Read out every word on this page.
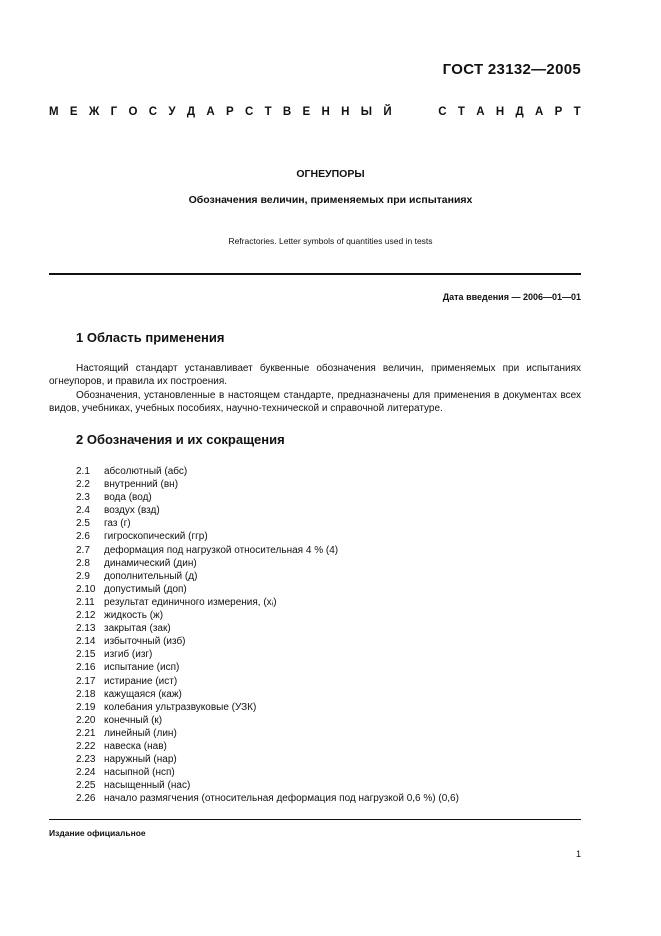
ГОСТ 23132—2005
М Е Ж Г О С У Д А Р С Т В Е Н Н Ы Й	С Т А Н Д А Р Т
ОГНЕУПОРЫ
Обозначения величин, применяемых при испытаниях
Refractories. Letter symbols of quantities used in tests
Дата введения — 2006—01—01
1 Область применения

Настоящий стандарт устанавливает буквенные обозначения величин, применяемых при испытаниях огнеупоров, и правила их построения.

Обозначения, установленные в настоящем стандарте, предназначены для применения в документах всех видов, учебниках, учебных пособиях, научно-технической и справочной литературе.

2 Обозначения и их сокращения
2.1 абсолютный (абс)
2.2 внутренний (вн)
2.3 вода (вод)
2.4 воздух (взд)
2.5 газ (г)
2.6 гигроскопический (ггр)
2.7 деформация под нагрузкой относительная 4 % (4)
2.8 динамический (дин)
2.9 дополнительный (д)
2.10 допустимый (доп)
2.11 результат единичного измерения, (xᵢ)
2.12 жидкость (ж)
2.13 закрытая (зак)
2.14 избыточный (изб)
2.15 изгиб (изг)
2.16 испытание (исп)
2.17 истирание (ист)
2.18 кажущаяся (каж)
2.19 колебания ультразвуковые (УЗК)
2.20 конечный (к)
2.21 линейный (лин)
2.22 навеска (нав)
2.23 наружный (нар)
2.24 насыпной (нсп)
2.25 насыщенный (нас)
2.26 начало размягчения (относительная деформация под нагрузкой 0,6 %) (0,6)
Издание официальное
1
